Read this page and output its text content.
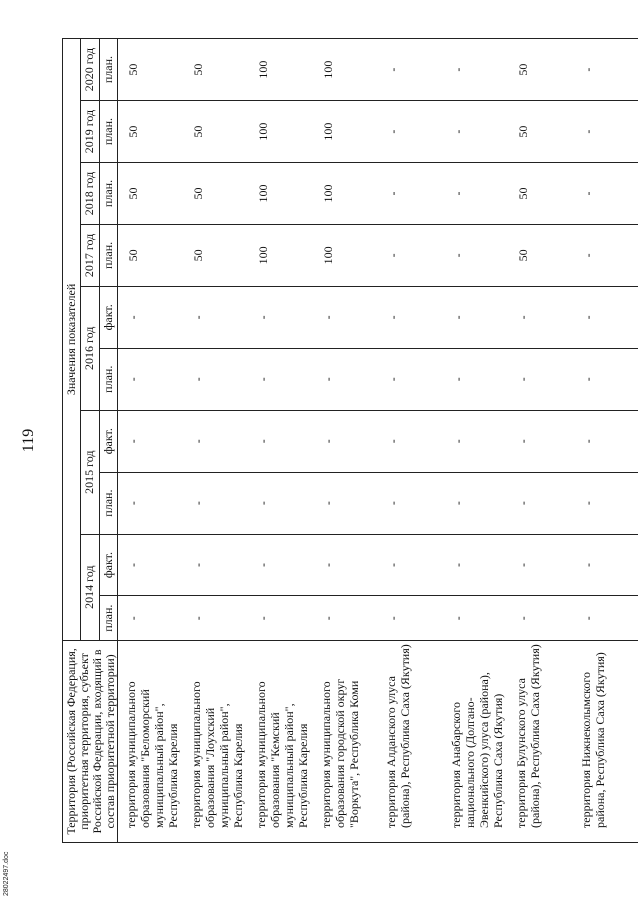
119
Территория (Российская Федерация, приоритетная территория, субъект Российской Федерации, входящий в состав приоритетной территории)	Значения показателей									
	2014 год		2015 год		2016 год		2017 год	2018 год	2019 год	2020 год
	план.	факт.	план.	факт.	план.	факт.	план.	план.	план.	план.
территория муниципального образования "Беломорский муниципальный район", Республика Карелия	-	-	-	-	-	-	50	50	50	50
территория муниципального образования "Лоухский муниципальный район", Республика Карелия	-	-	-	-	-	-	50	50	50	50
территория муниципального образования "Кемский муниципальный район", Республика Карелия	-	-	-	-	-	-	100	100	100	100
территория муниципального образования городской округ "Воркута", Республика Коми	-	-	-	-	-	-	100	100	100	100
территория Алданского улуса (района), Республика Саха (Якутия)	-	-	-	-	-	-	-	-	-	-
территория Анабарского национального (Долгано-Эвенкийского) улуса (района), Республика Саха (Якутия)	-	-	-	-	-	-	-	-	-	-
территория Булунского улуса (района), Республика Саха (Якутия)	-	-	-	-	-	-	50	50	50	50
территория Нижнеколымского района, Республика Саха (Якутия)	-	-	-	-	-	-	-	-	-	-
28022497.doc
